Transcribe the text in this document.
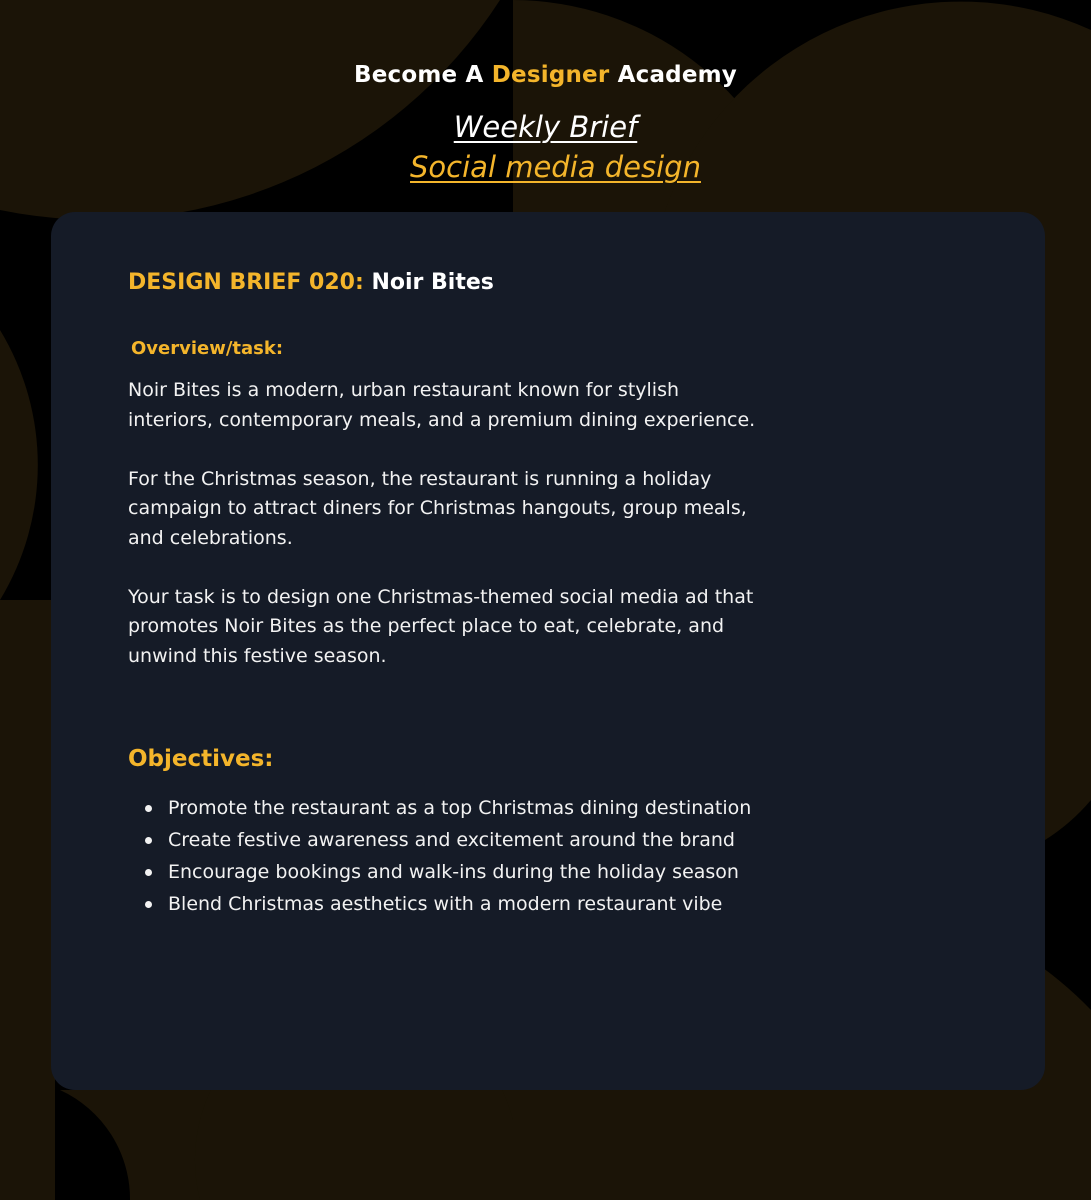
Become A Designer Academy
Weekly Brief
Social media design
DESIGN BRIEF 020: Noir Bites
Overview/task:

Noir Bites is a modern, urban restaurant known for stylish interiors, contemporary meals, and a premium dining experience.

For the Christmas season, the restaurant is running a holiday campaign to attract diners for Christmas hangouts, group meals, and celebrations.

Your task is to design one Christmas-themed social media ad that promotes Noir Bites as the perfect place to eat, celebrate, and unwind this festive season.

Objectives:
Promote the restaurant as a top Christmas dining destination
Create festive awareness and excitement around the brand
Encourage bookings and walk-ins during the holiday season
Blend Christmas aesthetics with a modern restaurant vibe
